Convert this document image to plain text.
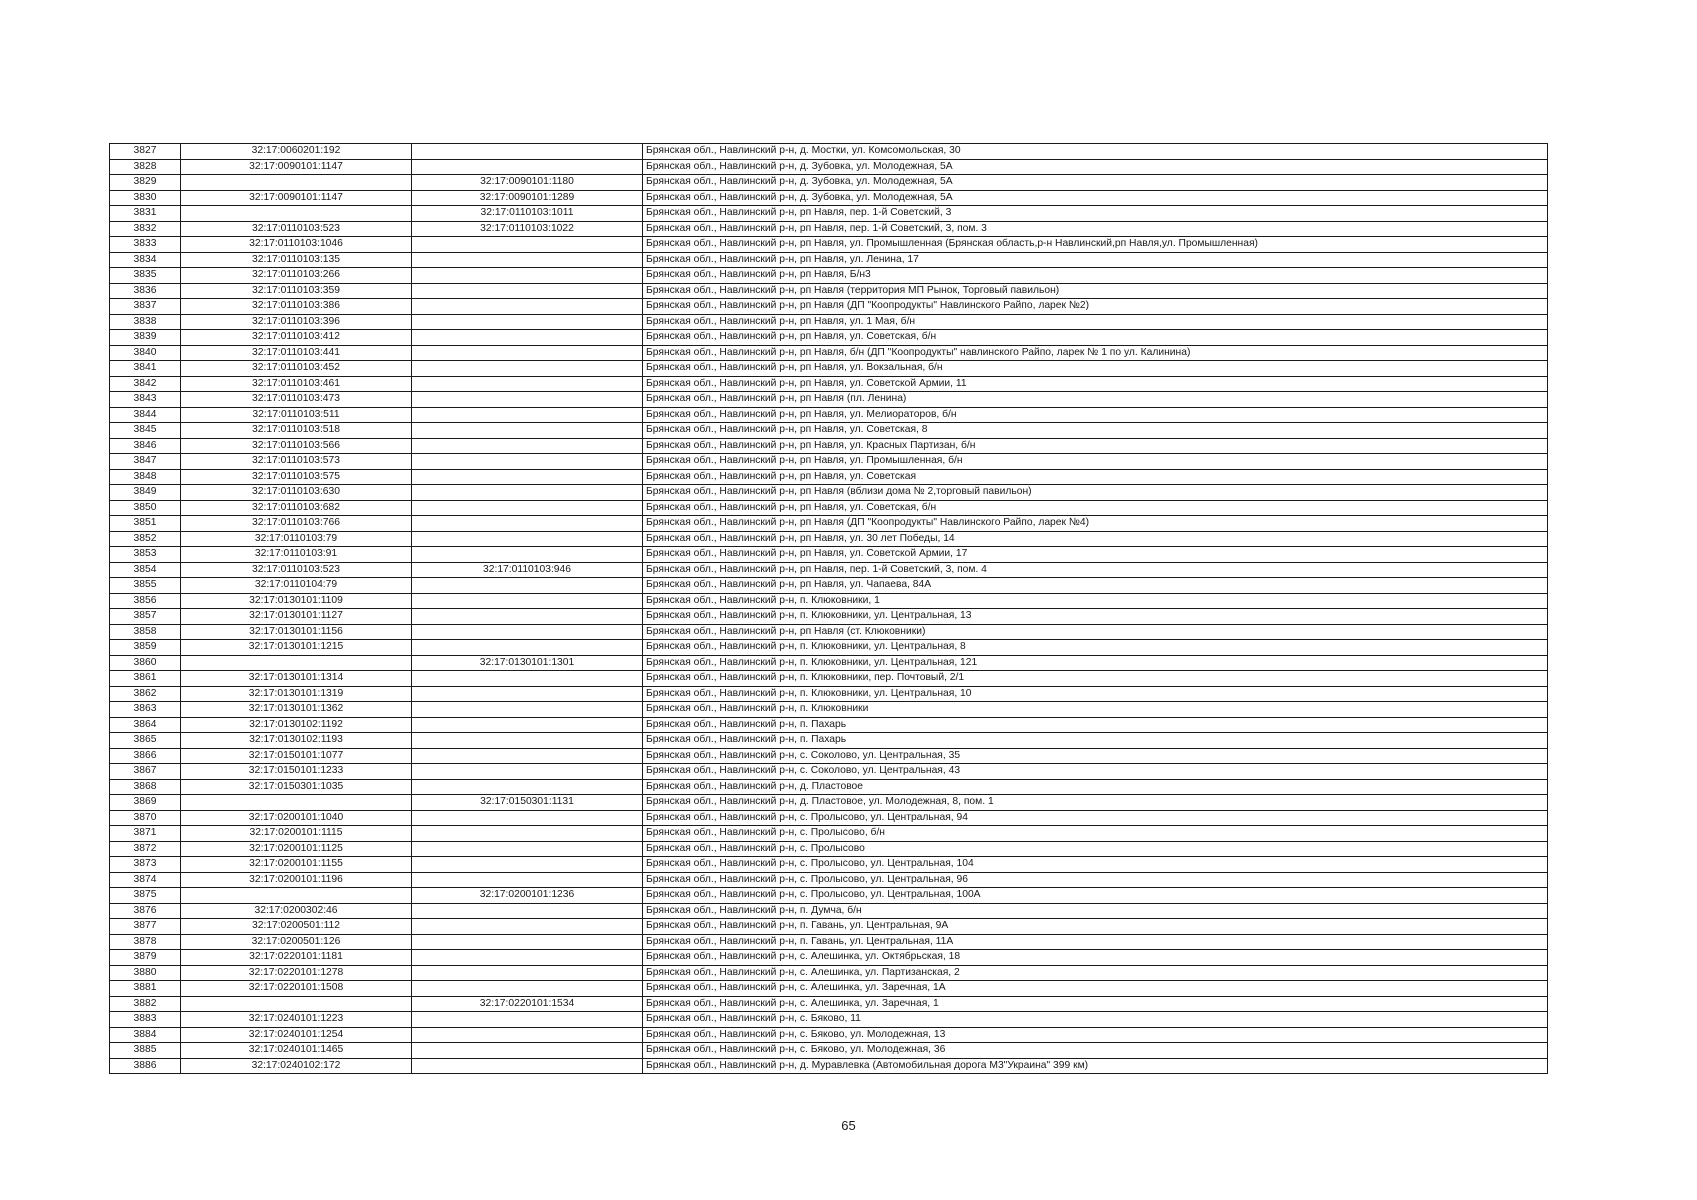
3827	32:17:0060201:192		Брянская обл., Навлинский р-н, д. Мостки, ул. Комсомольская, 30
3828	32:17:0090101:1147		Брянская обл., Навлинский р-н, д. Зубовка, ул. Молодежная, 5А
3829		32:17:0090101:1180	Брянская обл., Навлинский р-н, д. Зубовка, ул. Молодежная, 5А
3830	32:17:0090101:1147	32:17:0090101:1289	Брянская обл., Навлинский р-н, д. Зубовка, ул. Молодежная, 5А
3831		32:17:0110103:1011	Брянская обл., Навлинский р-н, рп Навля, пер. 1-й Советский, 3
3832	32:17:0110103:523	32:17:0110103:1022	Брянская обл., Навлинский р-н, рп Навля, пер. 1-й Советский, 3, пом. 3
3833	32:17:0110103:1046		Брянская обл., Навлинский р-н, рп Навля, ул. Промышленная (Брянская область,р-н Навлинский,рп Навля,ул. Промышленная)
3834	32:17:0110103:135		Брянская обл., Навлинский р-н, рп Навля, ул. Ленина, 17
3835	32:17:0110103:266		Брянская обл., Навлинский р-н, рп Навля, Б/н3
3836	32:17:0110103:359		Брянская обл., Навлинский р-н, рп Навля (территория МП Рынок, Торговый павильон)
3837	32:17:0110103:386		Брянская обл., Навлинский р-н, рп Навля (ДП "Коопродукты" Навлинского Райпо, ларек №2)
3838	32:17:0110103:396		Брянская обл., Навлинский р-н, рп Навля, ул. 1 Мая, б/н
3839	32:17:0110103:412		Брянская обл., Навлинский р-н, рп Навля, ул. Советская, б/н
3840	32:17:0110103:441		Брянская обл., Навлинский р-н, рп Навля, б/н (ДП "Коопродукты" навлинского Райпо, ларек № 1 по ул. Калинина)
3841	32:17:0110103:452		Брянская обл., Навлинский р-н, рп Навля, ул. Вокзальная, б/н
3842	32:17:0110103:461		Брянская обл., Навлинский р-н, рп Навля, ул. Советской Армии, 11
3843	32:17:0110103:473		Брянская обл., Навлинский р-н, рп Навля (пл. Ленина)
3844	32:17:0110103:511		Брянская обл., Навлинский р-н, рп Навля, ул. Мелиораторов, б/н
3845	32:17:0110103:518		Брянская обл., Навлинский р-н, рп Навля, ул. Советская, 8
3846	32:17:0110103:566		Брянская обл., Навлинский р-н, рп Навля, ул. Красных Партизан, б/н
3847	32:17:0110103:573		Брянская обл., Навлинский р-н, рп Навля, ул. Промышленная, б/н
3848	32:17:0110103:575		Брянская обл., Навлинский р-н, рп Навля, ул. Советская
3849	32:17:0110103:630		Брянская обл., Навлинский р-н, рп Навля (вблизи дома № 2,торговый павильон)
3850	32:17:0110103:682		Брянская обл., Навлинский р-н, рп Навля, ул. Советская, б/н
3851	32:17:0110103:766		Брянская обл., Навлинский р-н, рп Навля (ДП "Коопродукты" Навлинского Райпо, ларек №4)
3852	32:17:0110103:79		Брянская обл., Навлинский р-н, рп Навля, ул. 30 лет Победы, 14
3853	32:17:0110103:91		Брянская обл., Навлинский р-н, рп Навля, ул. Советской Армии, 17
3854	32:17:0110103:523	32:17:0110103:946	Брянская обл., Навлинский р-н, рп Навля, пер. 1-й Советский, 3, пом. 4
3855	32:17:0110104:79		Брянская обл., Навлинский р-н, рп Навля, ул. Чапаева, 84А
3856	32:17:0130101:1109		Брянская обл., Навлинский р-н, п. Клюковники, 1
3857	32:17:0130101:1127		Брянская обл., Навлинский р-н, п. Клюковники, ул. Центральная, 13
3858	32:17:0130101:1156		Брянская обл., Навлинский р-н, рп Навля (ст. Клюковники)
3859	32:17:0130101:1215		Брянская обл., Навлинский р-н, п. Клюковники, ул. Центральная, 8
3860		32:17:0130101:1301	Брянская обл., Навлинский р-н, п. Клюковники, ул. Центральная, 121
3861	32:17:0130101:1314		Брянская обл., Навлинский р-н, п. Клюковники, пер. Почтовый, 2/1
3862	32:17:0130101:1319		Брянская обл., Навлинский р-н, п. Клюковники, ул. Центральная, 10
3863	32:17:0130101:1362		Брянская обл., Навлинский р-н, п. Клюковники
3864	32:17:0130102:1192		Брянская обл., Навлинский р-н, п. Пахарь
3865	32:17:0130102:1193		Брянская обл., Навлинский р-н, п. Пахарь
3866	32:17:0150101:1077		Брянская обл., Навлинский р-н, с. Соколово, ул. Центральная, 35
3867	32:17:0150101:1233		Брянская обл., Навлинский р-н, с. Соколово, ул. Центральная, 43
3868	32:17:0150301:1035		Брянская обл., Навлинский р-н, д. Пластовое
3869		32:17:0150301:1131	Брянская обл., Навлинский р-н, д. Пластовое, ул. Молодежная, 8, пом. 1
3870	32:17:0200101:1040		Брянская обл., Навлинский р-н, с. Пролысово, ул. Центральная, 94
3871	32:17:0200101:1115		Брянская обл., Навлинский р-н, с. Пролысово, б/н
3872	32:17:0200101:1125		Брянская обл., Навлинский р-н, с. Пролысово
3873	32:17:0200101:1155		Брянская обл., Навлинский р-н, с. Пролысово, ул. Центральная, 104
3874	32:17:0200101:1196		Брянская обл., Навлинский р-н, с. Пролысово, ул. Центральная, 96
3875		32:17:0200101:1236	Брянская обл., Навлинский р-н, с. Пролысово, ул. Центральная, 100А
3876	32:17:0200302:46		Брянская обл., Навлинский р-н, п. Думча, б/н
3877	32:17:0200501:112		Брянская обл., Навлинский р-н, п. Гавань, ул. Центральная, 9А
3878	32:17:0200501:126		Брянская обл., Навлинский р-н, п. Гавань, ул. Центральная, 11А
3879	32:17:0220101:1181		Брянская обл., Навлинский р-н, с. Алешинка, ул. Октябрьская, 18
3880	32:17:0220101:1278		Брянская обл., Навлинский р-н, с. Алешинка, ул. Партизанская, 2
3881	32:17:0220101:1508		Брянская обл., Навлинский р-н, с. Алешинка, ул. Заречная, 1А
3882		32:17:0220101:1534	Брянская обл., Навлинский р-н, с. Алешинка, ул. Заречная, 1
3883	32:17:0240101:1223		Брянская обл., Навлинский р-н, с. Бяково, 11
3884	32:17:0240101:1254		Брянская обл., Навлинский р-н, с. Бяково, ул. Молодежная, 13
3885	32:17:0240101:1465		Брянская обл., Навлинский р-н, с. Бяково, ул. Молодежная, 36
3886	32:17:0240102:172		Брянская обл., Навлинский р-н, д. Муравлевка (Автомобильная дорога М3"Украина" 399 км)
65
